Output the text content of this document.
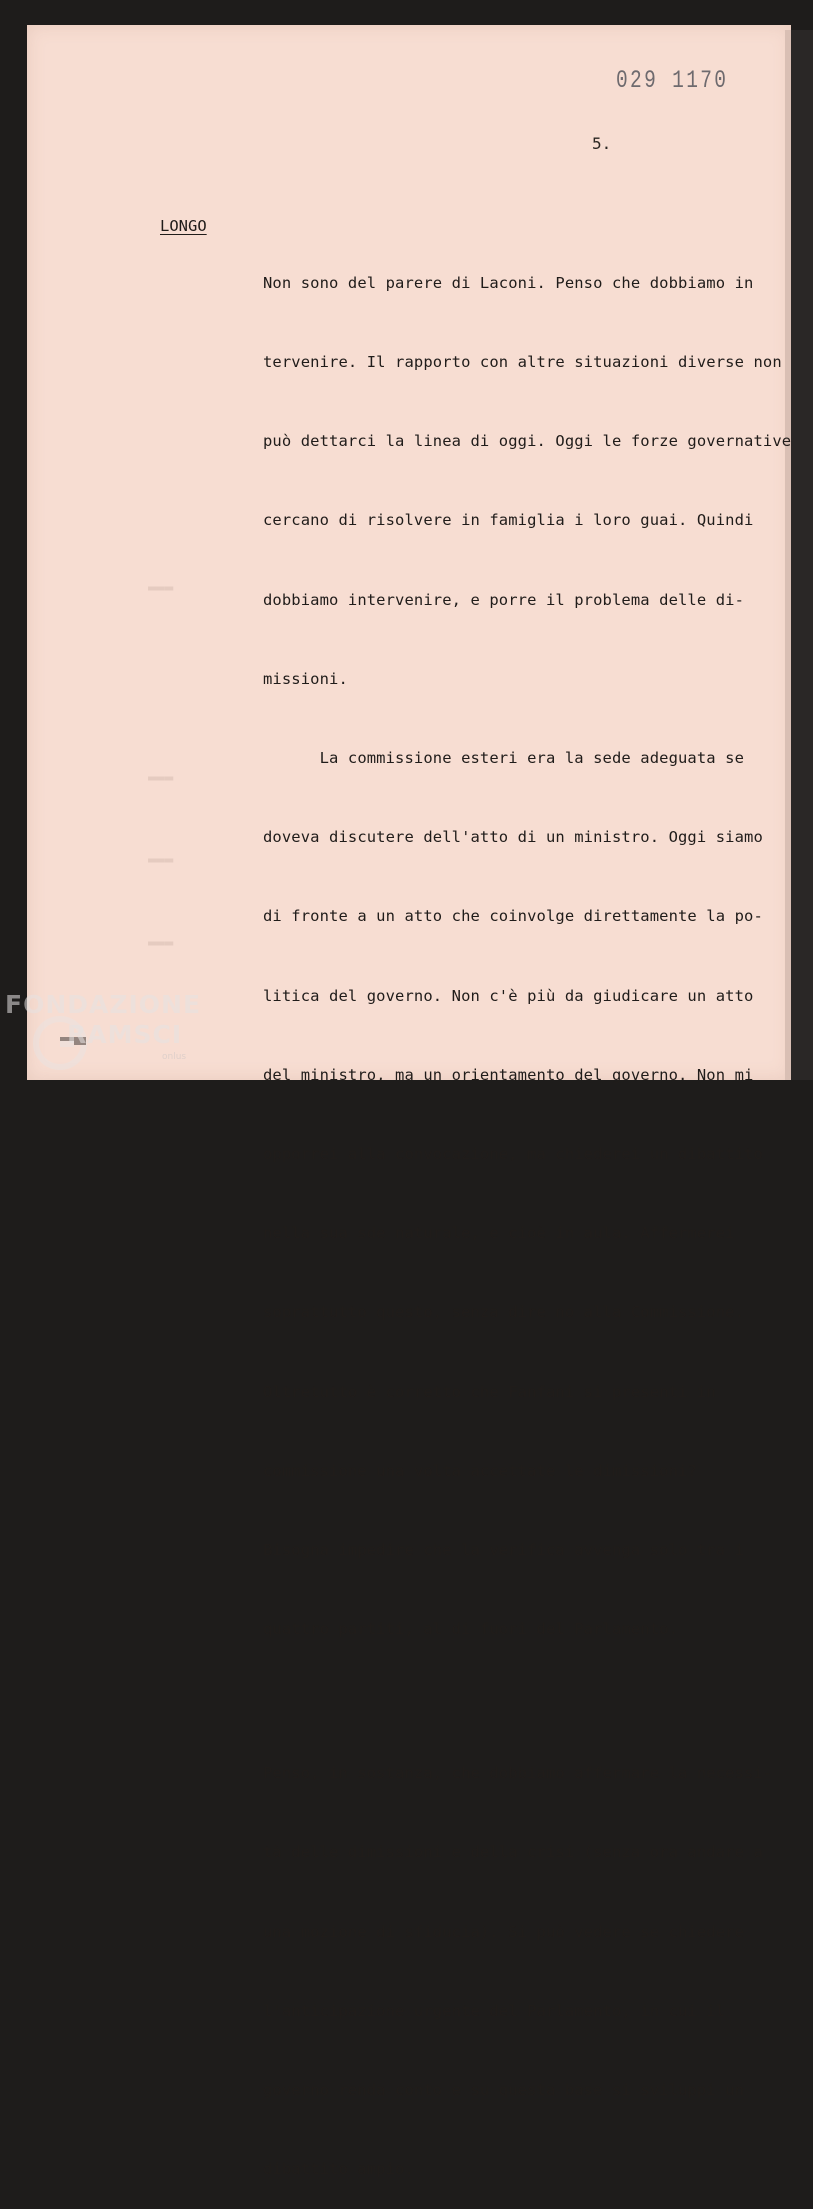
▬▬▬
▬▬▬
▬▬▬
▬▬▬
029 1170
5.
LONGO

Non sono del parere di Laconi. Penso che dobbiamo in

tervenire. Il rapporto con altre situazioni diverse non

può dettarci la linea di oggi. Oggi le forze governative

cercano di risolvere in famiglia i loro guai. Quindi

dobbiamo intervenire, e porre il problema delle di-

missioni.

La commissione esteri era la sede adeguata se

doveva discutere dell'atto di un ministro. Oggi siamo

di fronte a un atto che coinvolge direttamente la po-

litica del governo. Non c'è più da giudicare un atto

del ministro, ma un orientamento del governo. Non mi

opporrei alla convocazione, ma chiederei un dibattito

nella sua sde naturale, e cioè in aula. Affermerei

soprattutto questo, senza dire no alla Commissione.

Oltretutto è corretto che Fanfani si presenti in

commissione una volta accettate le dimissioni?

Bisogna impedire che la verifica avvenga solo tra i

quattro partiti, al di fuori del Parlamento.

Penso, in sostanza, che dobbiamo affermare la necessi-

tà delle dimissioni e della crisi (senza ora andare a

una mozione di sfiducia). Si può vedere se chiedere

l'anticipazione urgente del Parlamento, in cui il

governo renda conto e su questa base si sviluppi un

dibattito ampio.

FONDAZIONE
RAMSCI
onlus
